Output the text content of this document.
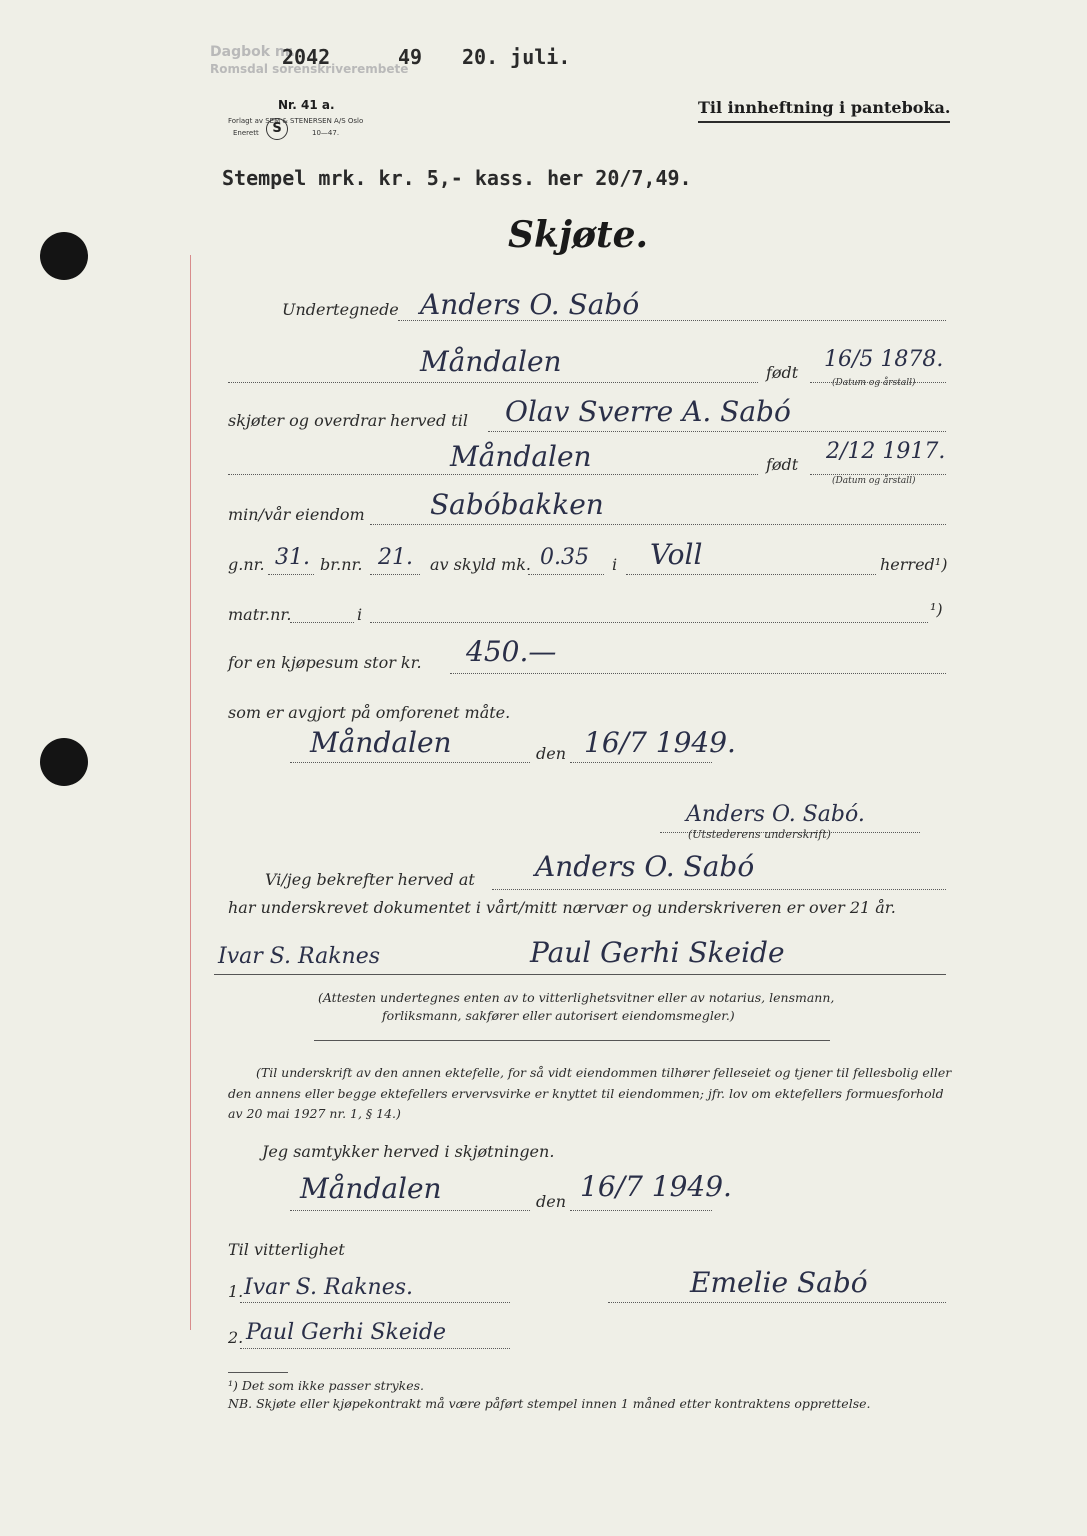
Dagbok nr.
Romsdal sorenskriverembete
2042	49 20. juli.
Nr. 41 a.
Forlagt av SEM & STENERSEN A/S Oslo
Enerett	S	10—47.
Til innheftning i panteboka.
Stempel mrk. kr. 5,- kass. her 20/7,49.
Skjøte.
Undertegnede Anders O. Sabó
Måndalen	født
16/5 1878.
(Datum og årstall)
skjøter og overdrar herved til Olav Sverre A. Sabó
Måndalen	født
2/12 1917.
(Datum og årstall)
min/vår eiendom Sabóbakken
g.nr. 31. br.nr. 21. av skyld mk. 0.35 i Voll	herred¹)
matr.nr.	i	¹)
for en kjøpesum stor kr. 450.—
som er avgjort på omforenet måte.
Måndalen	den 16/7 1949.
Anders O. Sabó.
(Utstederens underskrift)
Vi/jeg bekrefter herved at Anders O. Sabó
har underskrevet dokumentet i vårt/mitt nærvær og underskriveren er over 21 år.
Ivar S. Raknes	Paul Gerhi Skeide
(Attesten undertegnes enten av to vitterlighetsvitner eller av notarius, lensmann,
forliksmann, sakfører eller autorisert eiendomsmegler.)
(Til underskrift av den annen ektefelle, for så vidt eiendommen tilhører felleseiet og tjener til fellesbolig eller
den annens eller begge ektefellers ervervsvirke er knyttet til eiendommen; jfr. lov om ektefellers formuesforhold
av 20 mai 1927 nr. 1, § 14.)
Jeg samtykker herved i skjøtningen.
Måndalen	den 16/7 1949.
Til vitterlighet
1. Ivar S. Raknes.	Emelie Sabó
2. Paul Gerhi Skeide
¹) Det som ikke passer strykes.
NB. Skjøte eller kjøpekontrakt må være påført stempel innen 1 måned etter kontraktens opprettelse.
